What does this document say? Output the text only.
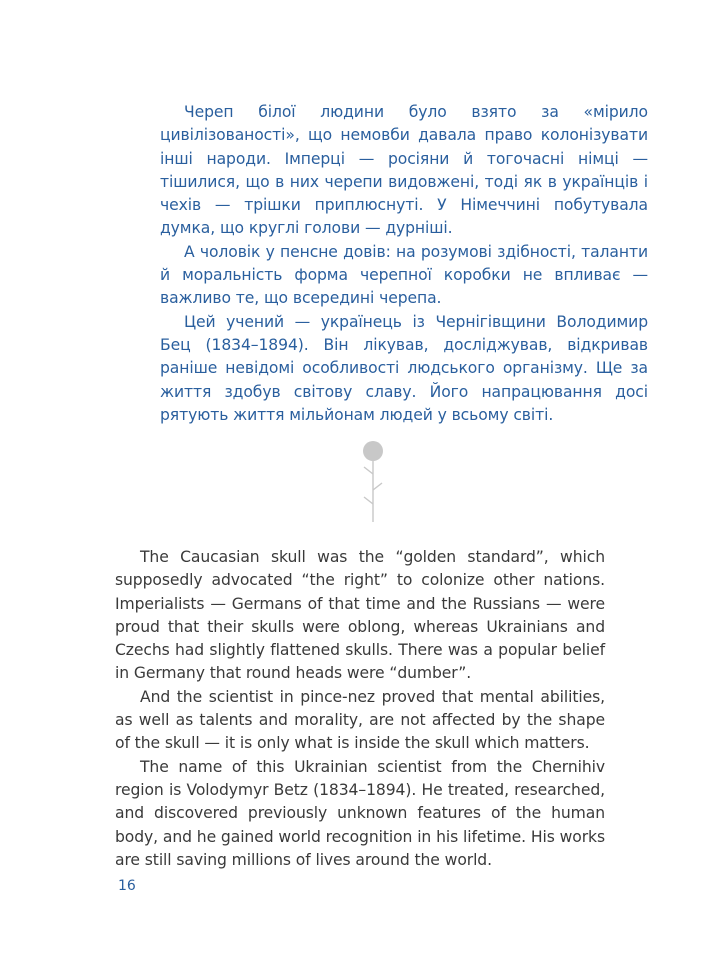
Череп білої людини було взято за «мірило цивілізованості», що немовби давала право колонізувати інші народи. Імперці — росіяни й тогочасні німці — тішилися, що в них черепи видовжені, тоді як в українців і чехів — трішки приплюснуті. У Німеччині побутувала думка, що круглі голови — дурніші.

А чоловік у пенсне довів: на розумові здібності, таланти й моральність форма черепної коробки не впливає — важливо те, що всередині черепа.

Цей учений — українець із Чернігівщини Володимир Бец (1834–1894). Він лікував, досліджував, відкривав раніше невідомі особливості людського організму. Ще за життя здобув світову славу. Його напрацювання досі рятують життя мільйонам людей у всьому світі.

The Caucasian skull was the “golden standard”, which supposedly advocated “the right” to colonize other nations. Imperialists — Germans of that time and the Russians — were proud that their skulls were oblong, whereas Ukrainians and Czechs had slightly flattened skulls. There was a popular belief in Germany that round heads were “dumber”.

And the scientist in pince-nez proved that mental abilities, as well as talents and morality, are not affected by the shape of the skull — it is only what is inside the skull which matters.

The name of this Ukrainian scientist from the Chernihiv region is Volodymyr Betz (1834–1894). He treated, researched, and discovered previously unknown features of the human body, and he gained world recognition in his lifetime. His works are still saving millions of lives around the world.

16
